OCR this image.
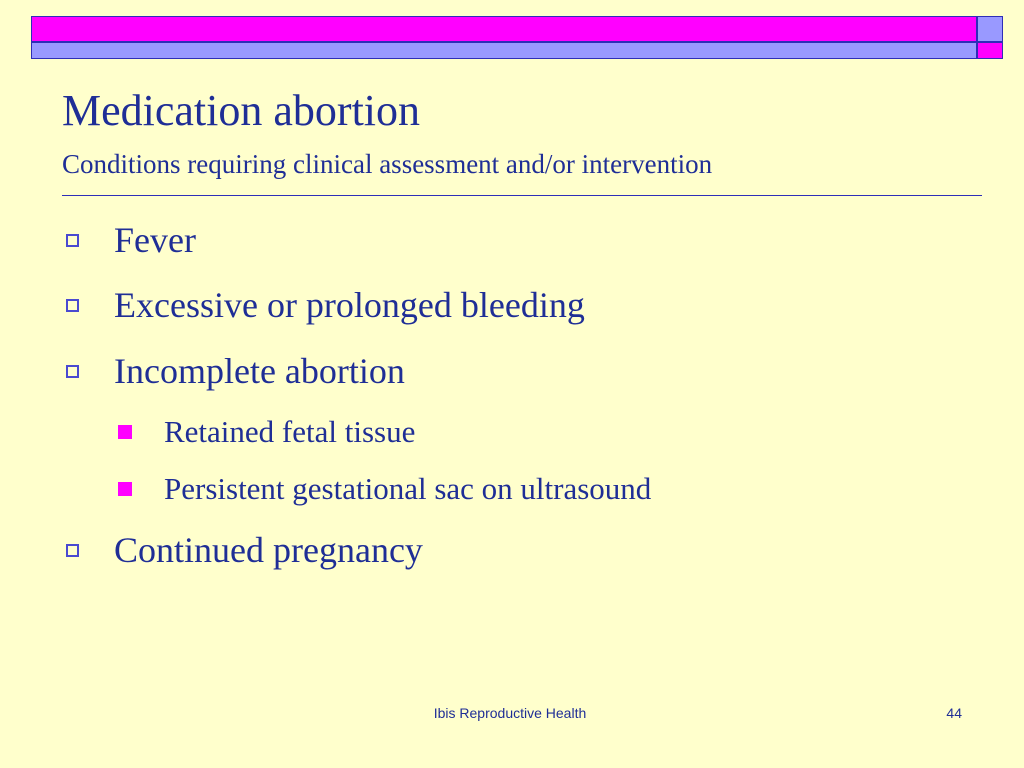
Medication abortion
Conditions requiring clinical assessment and/or intervention
Fever
Excessive or prolonged bleeding
Incomplete abortion
Retained fetal tissue
Persistent gestational sac on ultrasound
Continued pregnancy
Ibis Reproductive Health	44
